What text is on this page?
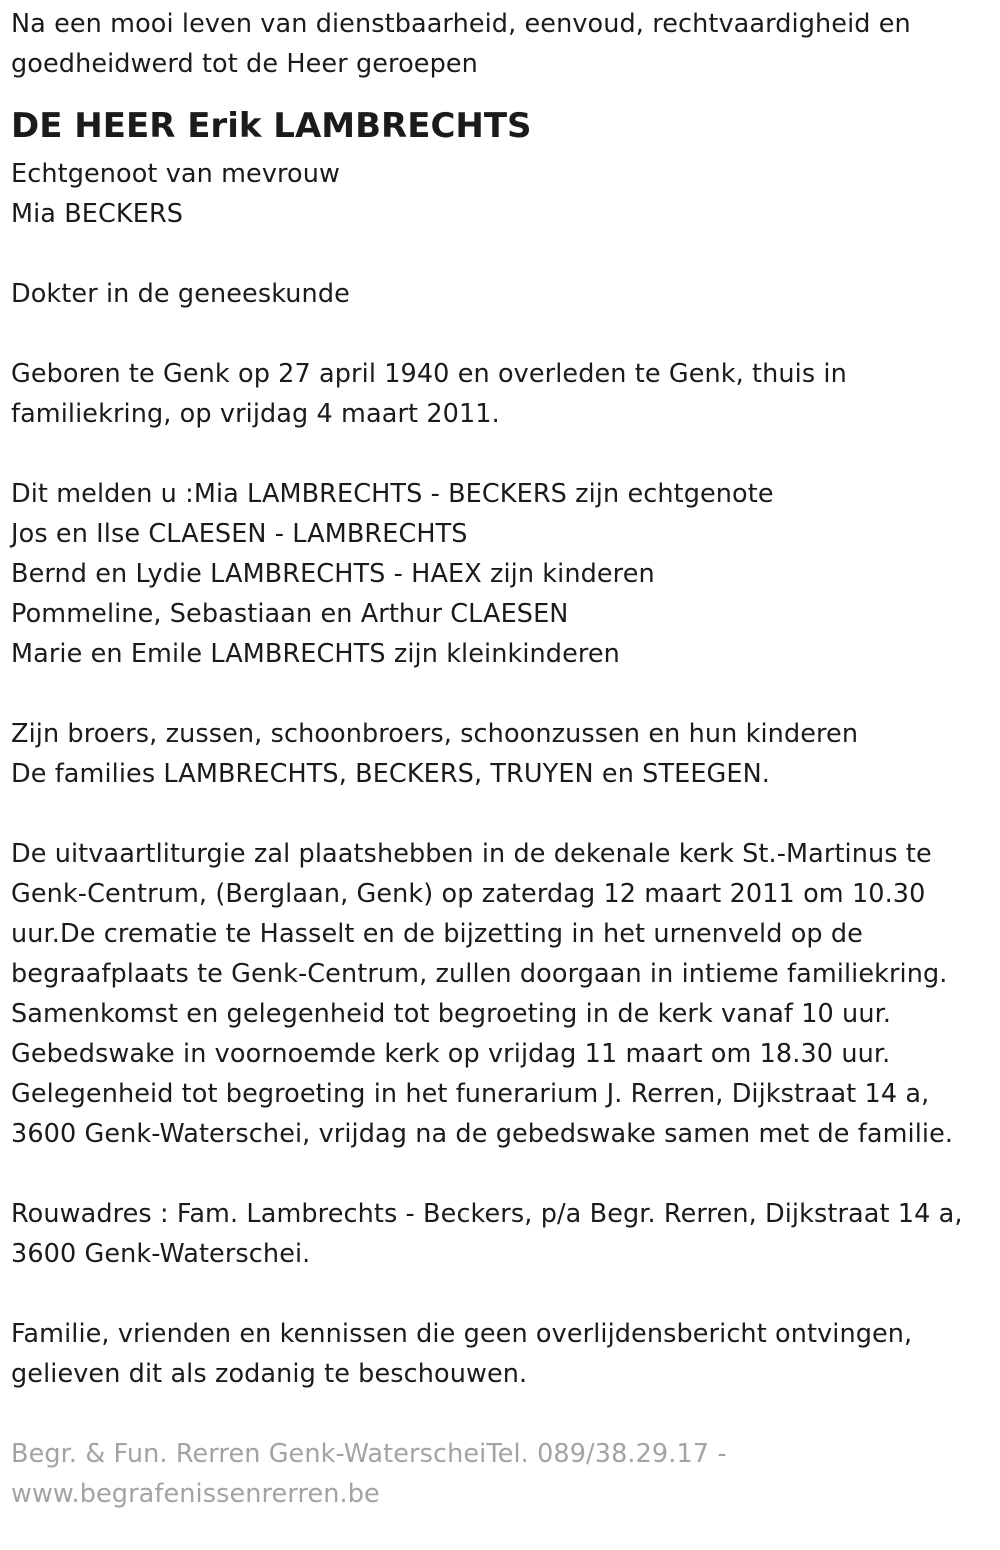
Na een mooi leven van dienstbaarheid, eenvoud, rechtvaardigheid en
goedheidwerd tot de Heer geroepen
DE HEER Erik LAMBRECHTS
Echtgenoot van mevrouw
Mia BECKERS
Dokter in de geneeskunde
Geboren te Genk op 27 april 1940 en overleden te Genk, thuis in
familiekring, op vrijdag 4 maart 2011.
Dit melden u :Mia LAMBRECHTS - BECKERS zijn echtgenote
Jos en Ilse CLAESEN - LAMBRECHTS
Bernd en Lydie LAMBRECHTS - HAEX zijn kinderen
Pommeline, Sebastiaan en Arthur CLAESEN
Marie en Emile LAMBRECHTS zijn kleinkinderen
Zijn broers, zussen, schoonbroers, schoonzussen en hun kinderen
De families LAMBRECHTS, BECKERS, TRUYEN en STEEGEN.
De uitvaartliturgie zal plaatshebben in de dekenale kerk St.-Martinus te
Genk-Centrum, (Berglaan, Genk) op zaterdag 12 maart 2011 om 10.30
uur.De crematie te Hasselt en de bijzetting in het urnenveld op de
begraafplaats te Genk-Centrum, zullen doorgaan in intieme familiekring.
Samenkomst en gelegenheid tot begroeting in de kerk vanaf 10 uur.
Gebedswake in voornoemde kerk op vrijdag 11 maart om 18.30 uur.
Gelegenheid tot begroeting in het funerarium J. Rerren, Dijkstraat 14 a,
3600 Genk-Waterschei, vrijdag na de gebedswake samen met de familie.
Rouwadres : Fam. Lambrechts - Beckers, p/a Begr. Rerren, Dijkstraat 14 a,
3600 Genk-Waterschei.
Familie, vrienden en kennissen die geen overlijdensbericht ontvingen,
gelieven dit als zodanig te beschouwen.
Begr. & Fun. Rerren Genk-WaterscheiTel. 089/38.29.17 -
www.begrafenissenrerren.be
